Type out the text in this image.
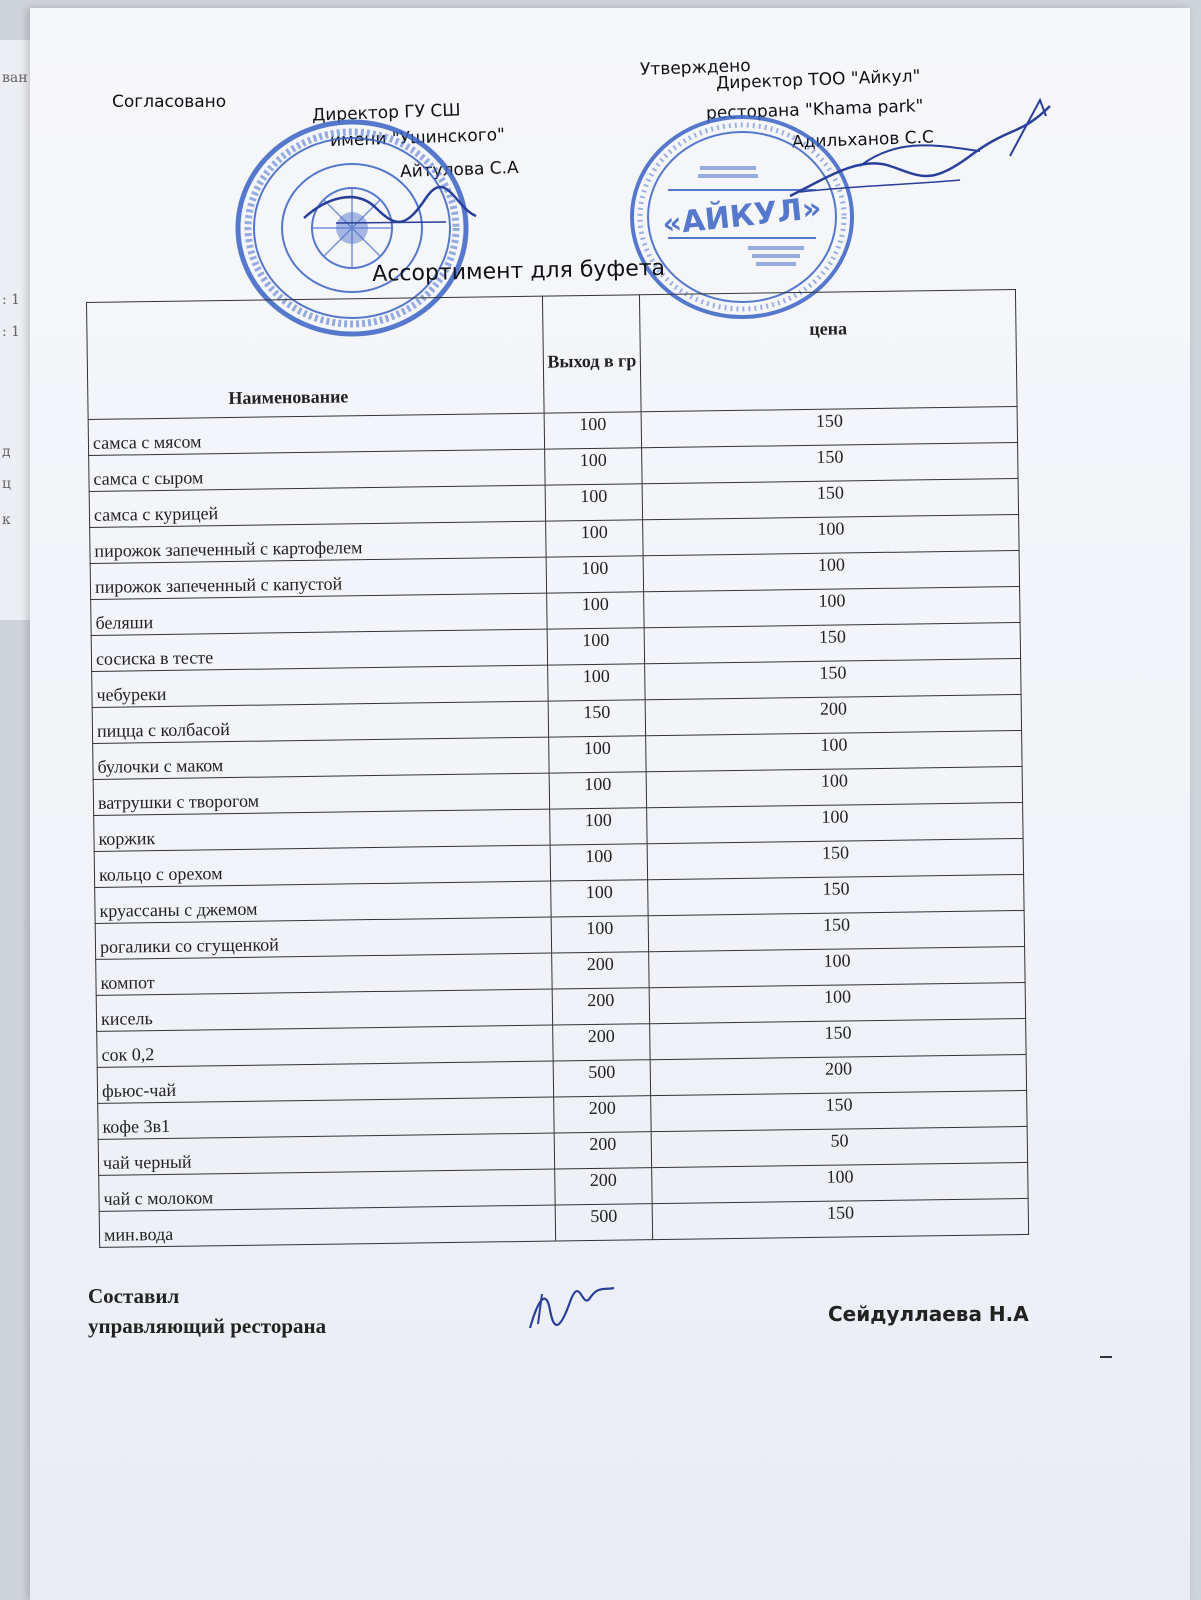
ван
: 1
: 1
д
ц
к
Согласовано	Директор ГУ СШ
имени "Ушинского"
Айтулова С.А
Утверждено
Директор ТОО "Айкул"
ресторана "Khama park"
Адильханов С.С
«АЙКУЛ»
Ассортимент для буфета
Наименование	Выход в гр	цена

самса с мясом	100	150
самса с сыром	100	150
самса с курицей	100	150
пирожок запеченный с картофелем	100	100
пирожок запеченный с капустой	100	100
беляши	100	100
сосиска в тесте	100	150
чебуреки	100	150
пицца с колбасой	150	200
булочки с маком	100	100
ватрушки с творогом	100	100
коржик	100	100
кольцо с орехом	100	150
круассаны с джемом	100	150
рогалики со сгущенкой	100	150
компот	200	100
кисель	200	100
сок 0,2	200	150
фьюс-чай	500	200
кофе 3в1	200	150
чай черный	200	50
чай с молоком	200	100
мин.вода	500	150
Составил
управляющий ресторана	Сейдуллаева Н.А
